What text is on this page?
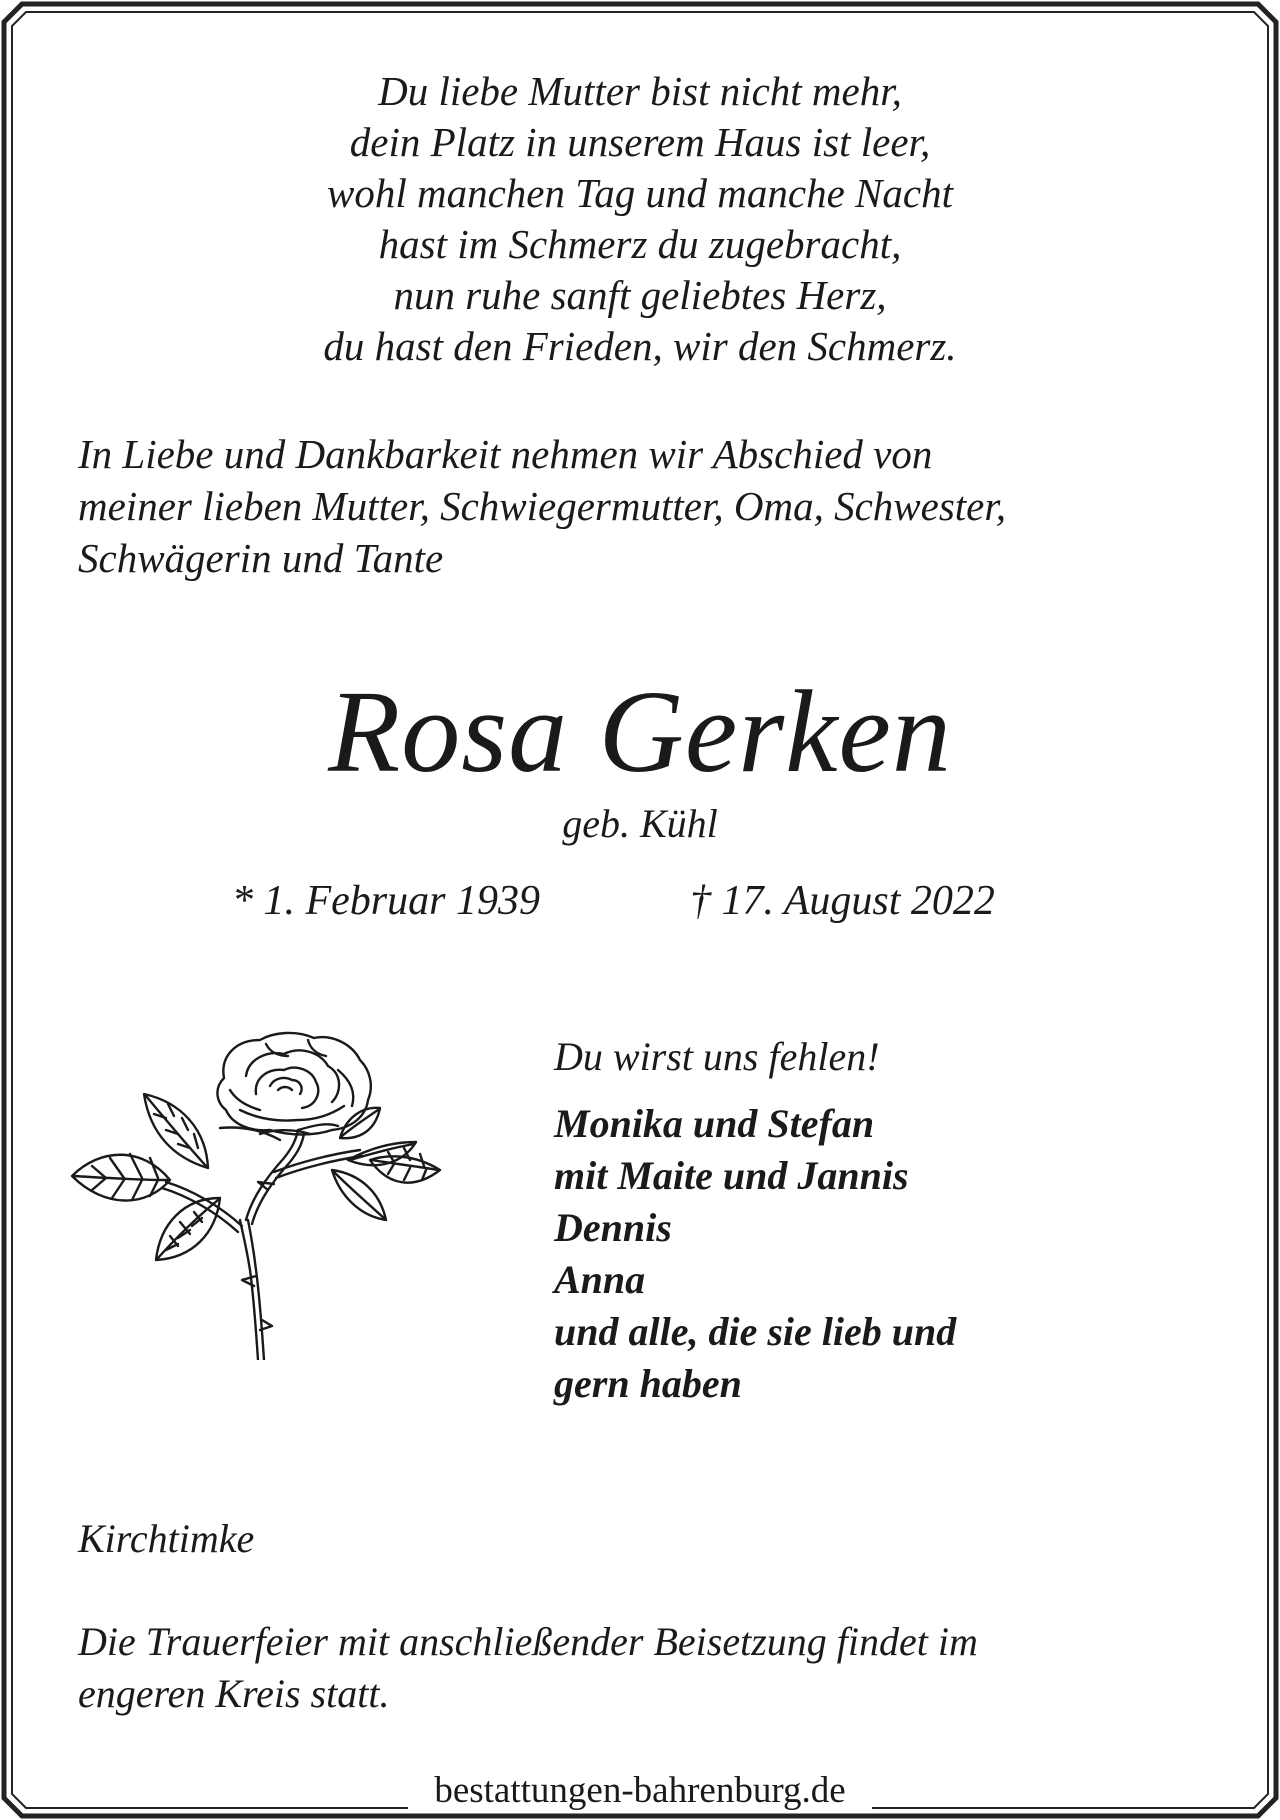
Du liebe Mutter bist nicht mehr,
dein Platz in unserem Haus ist leer,
wohl manchen Tag und manche Nacht
hast im Schmerz du zugebracht,
nun ruhe sanft geliebtes Herz,
du hast den Frieden, wir den Schmerz.
In Liebe und Dankbarkeit nehmen wir Abschied von
meiner lieben Mutter, Schwiegermutter, Oma, Schwester,
Schwägerin und Tante
Rosa Gerken
geb. Kühl
* 1. Februar 1939	† 17. August 2022
Du wirst uns fehlen!
Monika und Stefan
mit Maite und Jannis
Dennis
Anna
und alle, die sie lieb und
gern haben
Kirchtimke
Die Trauerfeier mit anschließender Beisetzung findet im
engeren Kreis statt.
bestattungen-bahrenburg.de
